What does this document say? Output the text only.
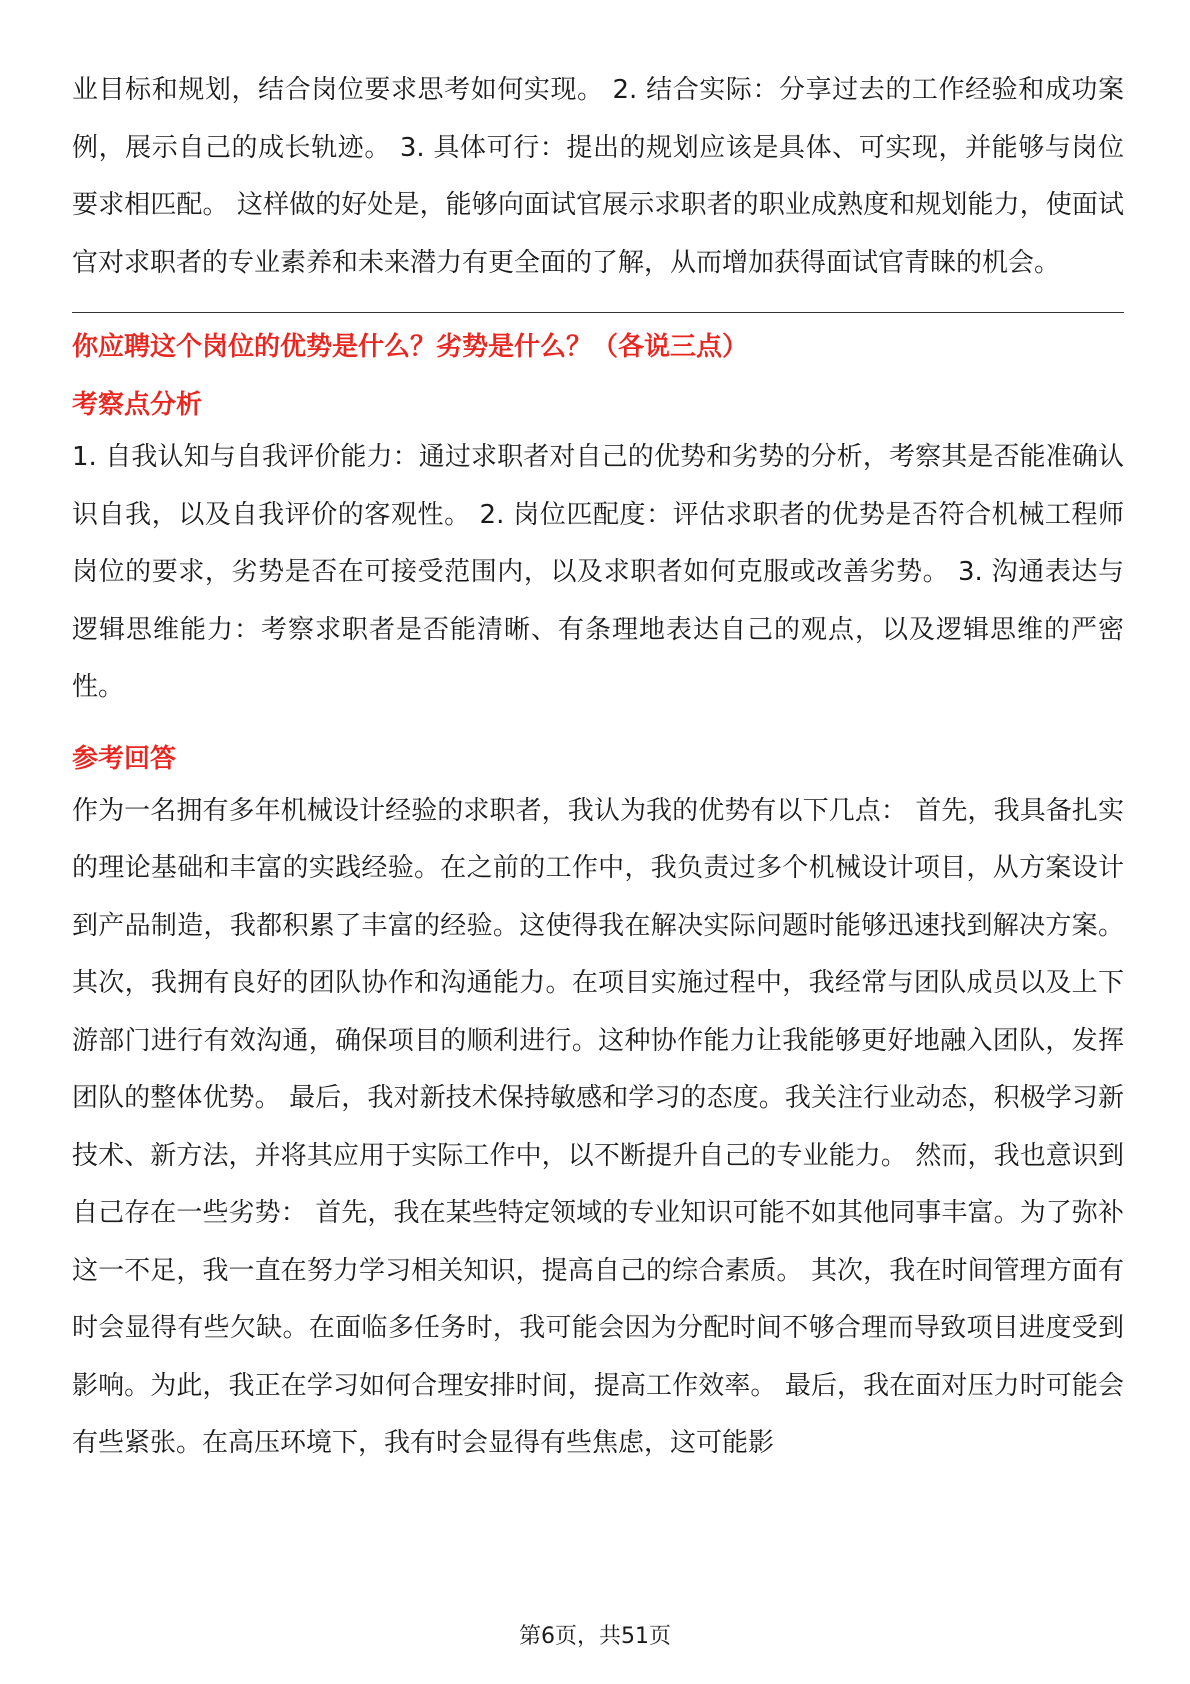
业目标和规划，结合岗位要求思考如何实现。 2. 结合实际：分享过去的工作经验和成功案例，展示自己的成长轨迹。 3. 具体可行：提出的规划应该是具体、可实现，并能够与岗位要求相匹配。 这样做的好处是，能够向面试官展示求职者的职业成熟度和规划能力，使面试官对求职者的专业素养和未来潜力有更全面的了解，从而增加获得面试官青睐的机会。

你应聘这个岗位的优势是什么？劣势是什么？（各说三点）
考察点分析

1. 自我认知与自我评价能力：通过求职者对自己的优势和劣势的分析，考察其是否能准确认识自我，以及自我评价的客观性。 2. 岗位匹配度：评估求职者的优势是否符合机械工程师岗位的要求，劣势是否在可接受范围内，以及求职者如何克服或改善劣势。 3. 沟通表达与逻辑思维能力：考察求职者是否能清晰、有条理地表达自己的观点，以及逻辑思维的严密性。

参考回答

作为一名拥有多年机械设计经验的求职者，我认为我的优势有以下几点： 首先，我具备扎实的理论基础和丰富的实践经验。在之前的工作中，我负责过多个机械设计项目，从方案设计到产品制造，我都积累了丰富的经验。这使得我在解决实际问题时能够迅速找到解决方案。 其次，我拥有良好的团队协作和沟通能力。在项目实施过程中，我经常与团队成员以及上下游部门进行有效沟通，确保项目的顺利进行。这种协作能力让我能够更好地融入团队，发挥团队的整体优势。 最后，我对新技术保持敏感和学习的态度。我关注行业动态，积极学习新技术、新方法，并将其应用于实际工作中，以不断提升自己的专业能力。 然而，我也意识到自己存在一些劣势： 首先，我在某些特定领域的专业知识可能不如其他同事丰富。为了弥补这一不足，我一直在努力学习相关知识，提高自己的综合素质。 其次，我在时间管理方面有时会显得有些欠缺。在面临多任务时，我可能会因为分配时间不够合理而导致项目进度受到影响。为此，我正在学习如何合理安排时间，提高工作效率。 最后，我在面对压力时可能会有些紧张。在高压环境下，我有时会显得有些焦虑，这可能影

第6页，共51页
